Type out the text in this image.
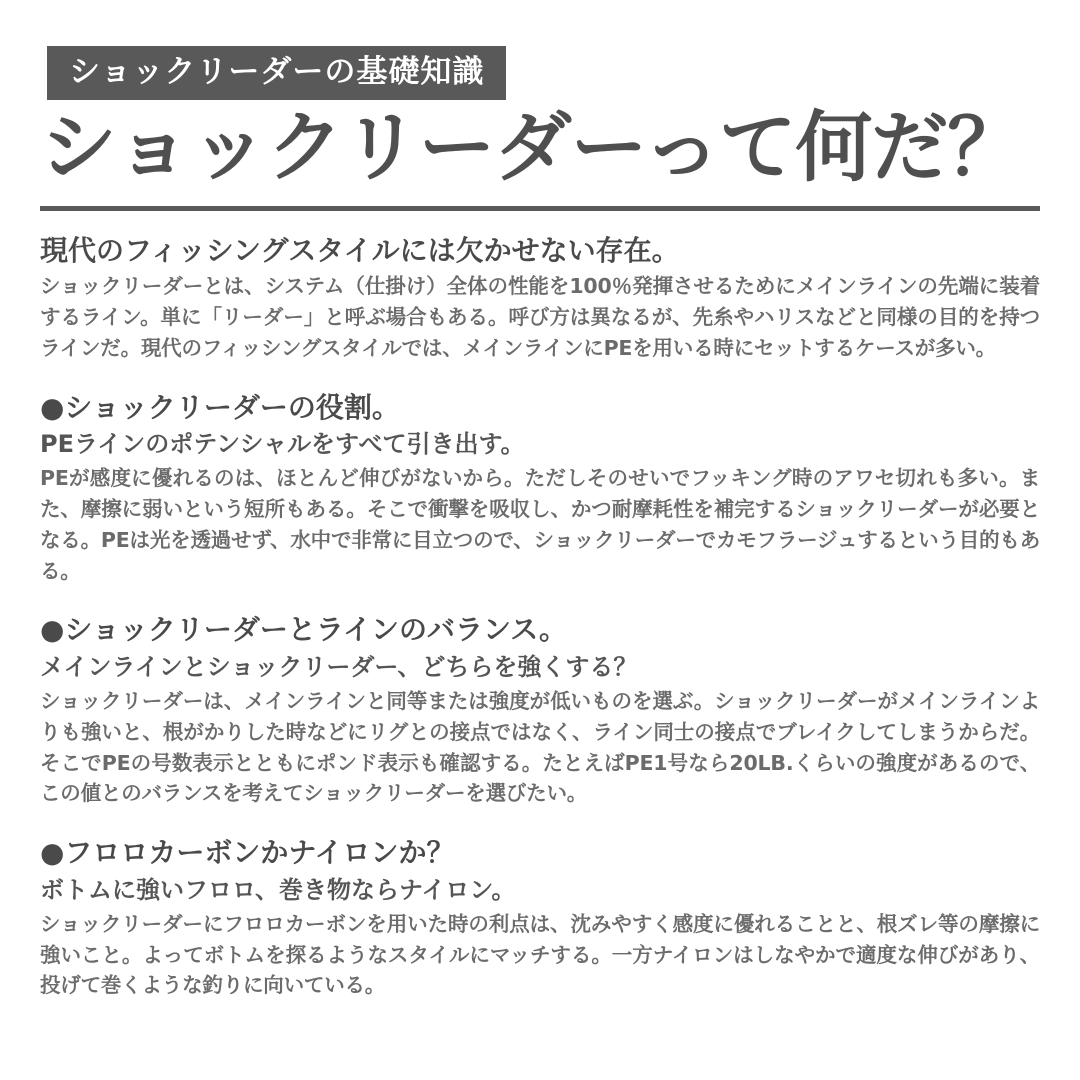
ショックリーダーの基礎知識
ショックリーダーって何だ？
現代のフィッシングスタイルには欠かせない存在。
ショックリーダーとは、システム（仕掛け）全体の性能を100％発揮させるためにメインラインの先端に装着するライン。単に「リーダー」と呼ぶ場合もある。呼び方は異なるが、先糸やハリスなどと同様の目的を持つラインだ。現代のフィッシングスタイルでは、メインラインにPEを用いる時にセットするケースが多い。
●ショックリーダーの役割。
PEラインのポテンシャルをすべて引き出す。
PEが感度に優れるのは、ほとんど伸びがないから。ただしそのせいでフッキング時のアワセ切れも多い。また、摩擦に弱いという短所もある。そこで衝撃を吸収し、かつ耐摩耗性を補完するショックリーダーが必要となる。PEは光を透過せず、水中で非常に目立つので、ショックリーダーでカモフラージュするという目的もある。
●ショックリーダーとラインのバランス。
メインラインとショックリーダー、どちらを強くする？
ショックリーダーは、メインラインと同等または強度が低いものを選ぶ。ショックリーダーがメインラインよりも強いと、根がかりした時などにリグとの接点ではなく、ライン同士の接点でブレイクしてしまうからだ。そこでPEの号数表示とともにポンド表示も確認する。たとえばPE1号なら20LB.くらいの強度があるので、この値とのバランスを考えてショックリーダーを選びたい。
●フロロカーボンかナイロンか？
ボトムに強いフロロ、巻き物ならナイロン。
ショックリーダーにフロロカーボンを用いた時の利点は、沈みやすく感度に優れることと、根ズレ等の摩擦に強いこと。よってボトムを探るようなスタイルにマッチする。一方ナイロンはしなやかで適度な伸びがあり、投げて巻くような釣りに向いている。
